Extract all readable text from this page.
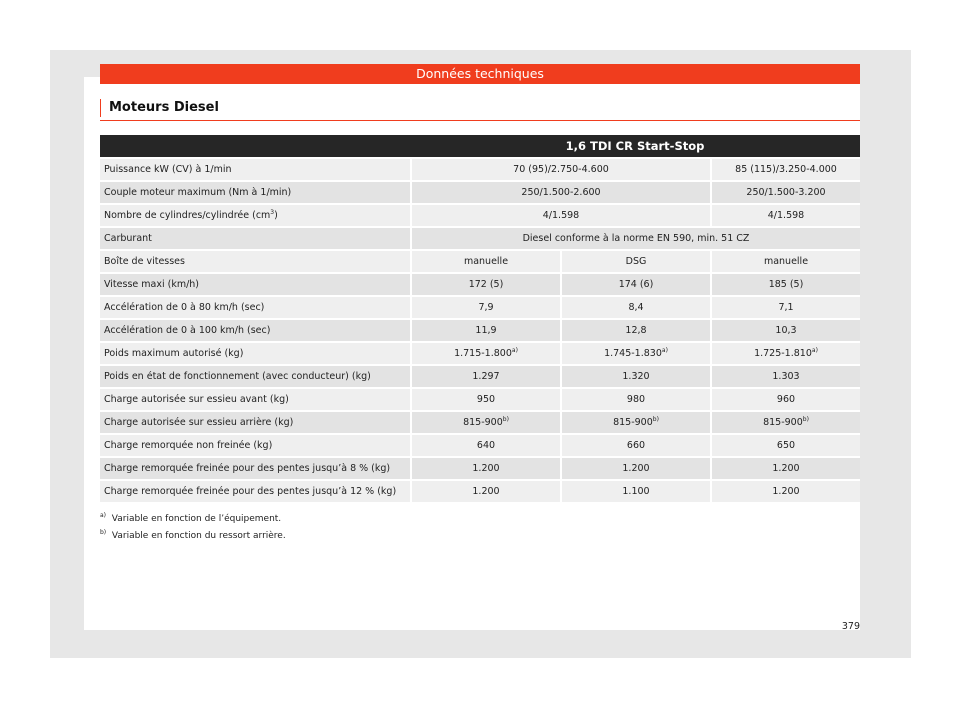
Données techniques
Moteurs Diesel
	1,6 TDI CR Start-Stop		
Puissance kW (CV) à 1/min	70 (95)/2.750-4.600		85 (115)/3.250-4.000
Couple moteur maximum (Nm à 1/min)	250/1.500-2.600		250/1.500-3.200
Nombre de cylindres/cylindrée $(cm^3)$	4/1.598		4/1.598
Carburant	Diesel conforme à la norme EN 590, min. 51 CZ		
Boîte de vitesses	manuelle	DSG	manuelle
Vitesse maxi (km/h)	172 (5)	174 (6)	185 (5)
Accélération de 0 à 80 km/h (sec)	7,9	8,4	7,1
Accélération de 0 à 100 km/h (sec)	11,9	12,8	10,3
Poids maximum autorisé (kg)	1.715-1.800$^{a)}$	1.745-1.830$^{a)}$	1.725-1.810$^{a)}$
Poids en état de fonctionnement (avec conducteur) (kg)	1.297	1.320	1.303
Charge autorisée sur essieu avant (kg)	950	980	960
Charge autorisée sur essieu arrière (kg)	815-900$^{b)}$	815-900$^{b)}$	815-900$^{b)}$
Charge remorquée non freinée (kg)	640	660	650
Charge remorquée freinée pour des pentes jusqu’à 8 % (kg)	1.200	1.200	1.200
Charge remorquée freinée pour des pentes jusqu’à 12 % (kg)	1.200	1.100	1.200
$^{a)}$ Variable en fonction de l’équipement.
$^{b)}$ Variable en fonction du ressort arrière.
379
